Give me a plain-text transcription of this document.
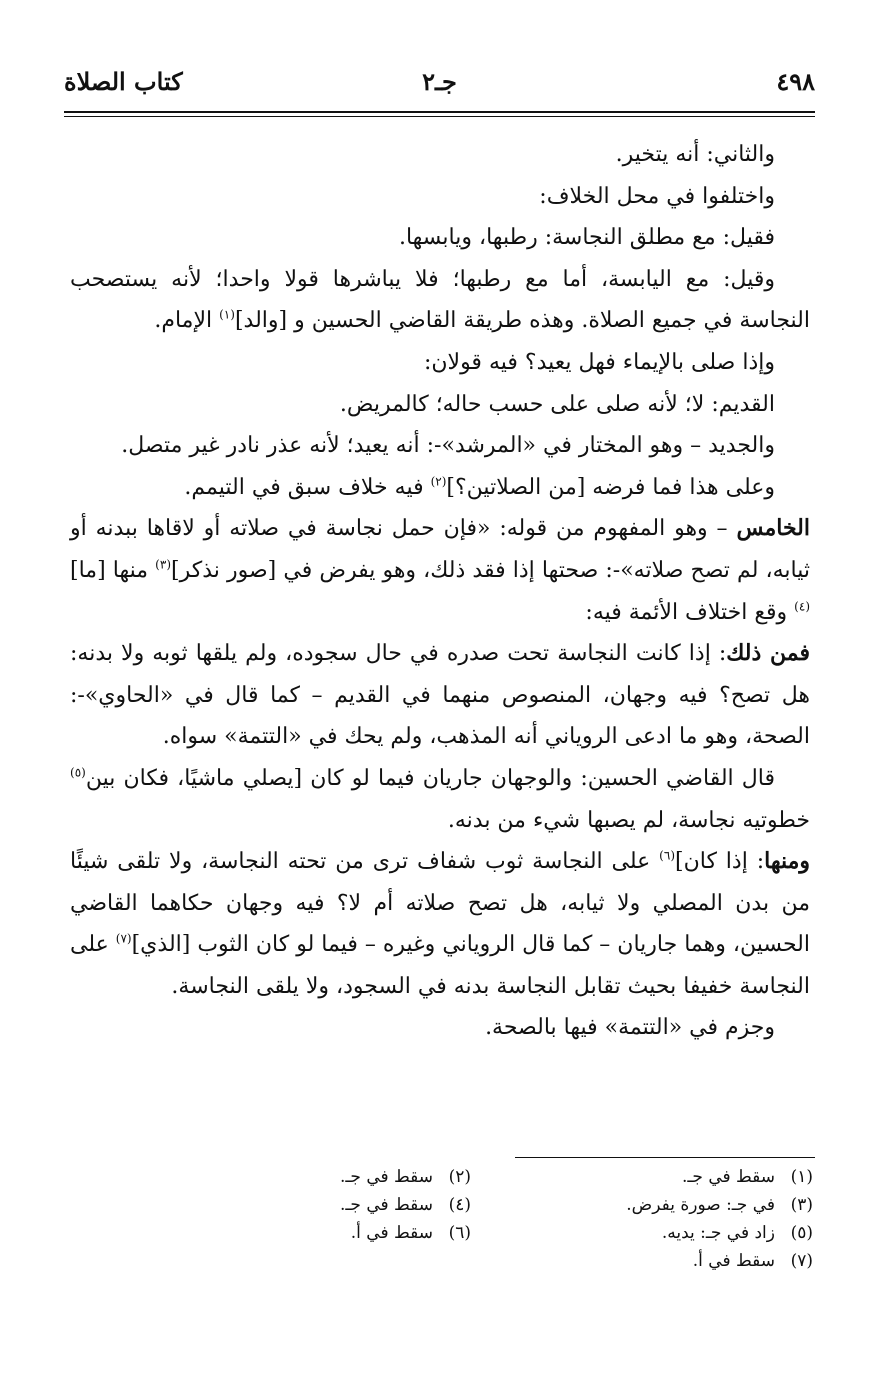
٤٩٨
جـ٢
كتاب الصلاة

والثاني: أنه يتخير.

واختلفوا في محل الخلاف:

فقيل: مع مطلق النجاسة: رطبها، ويابسها.

وقيل: مع اليابسة، أما مع رطبها؛ فلا يباشرها قولا واحدا؛ لأنه يستصحب النجاسة في جميع الصلاة. وهذه طريقة القاضي الحسين و [والد]$^{(١)}$ الإمام.

وإذا صلى بالإيماء فهل يعيد؟ فيه قولان:

القديم: لا؛ لأنه صلى على حسب حاله؛ كالمريض.

والجديد – وهو المختار في «المرشد»-: أنه يعيد؛ لأنه عذر نادر غير متصل.

وعلى هذا فما فرضه [من الصلاتين؟]$^{(٢)}$ فيه خلاف سبق في التيمم.

الخامس – وهو المفهوم من قوله: «فإن حمل نجاسة في صلاته أو لاقاها ببدنه أو ثيابه، لم تصح صلاته»-: صحتها إذا فقد ذلك، وهو يفرض في [صور نذكر]$^{(٣)}$ منها [ما]$^{(٤)}$ وقع اختلاف الأئمة فيه:

فمن ذلك: إذا كانت النجاسة تحت صدره في حال سجوده، ولم يلقها ثوبه ولا بدنه: هل تصح؟ فيه وجهان، المنصوص منهما في القديم – كما قال في «الحاوي»-: الصحة، وهو ما ادعى الروياني أنه المذهب، ولم يحك في «التتمة» سواه.

قال القاضي الحسين: والوجهان جاريان فيما لو كان [يصلي ماشيًا، فكان بين$^{(٥)}$ خطوتيه نجاسة، لم يصبها شيء من بدنه.

ومنها: إذا كان]$^{(٦)}$ على النجاسة ثوب شفاف ترى من تحته النجاسة، ولا تلقى شيئًا من بدن المصلي ولا ثيابه، هل تصح صلاته أم لا؟ فيه وجهان حكاهما القاضي الحسين، وهما جاريان – كما قال الروياني وغيره – فيما لو كان الثوب [الذي]$^{(٧)}$ على النجاسة خفيفا بحيث تقابل النجاسة بدنه في السجود، ولا يلقى النجاسة.

وجزم في «التتمة» فيها بالصحة.

(١)سقط في جـ.
(٣)في جـ: صورة يفرض.
(٥)زاد في جـ: يديه.
(٧)سقط في أ.
(٢)سقط في جـ.
(٤)سقط في جـ.
(٦)سقط في أ.
